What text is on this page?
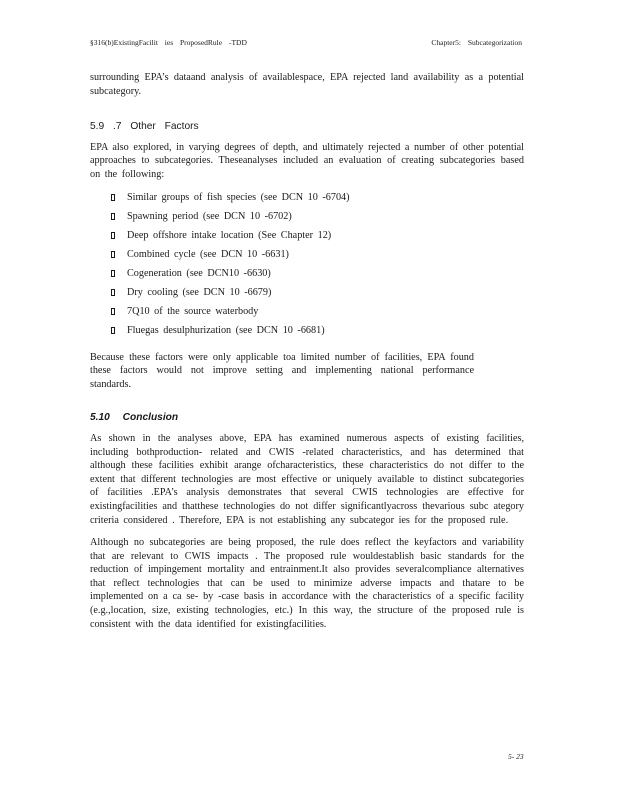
§316(b)ExistingFacilit ies ProposedRule -TDD	Chapter5: Subcategorization

surrounding EPA’s dataand analysis of availablespace, EPA rejected land availability as a potential subcategory.

5.9 .7 Other Factors

EPA also explored, in varying degrees of depth, and ultimately rejected a number of other potential approaches to subcategories. Theseanalyses included an evaluation of creating subcategories based on the following:

Similar groups of fish species (see DCN 10 -6704)
Spawning period (see DCN 10 -6702)
Deep offshore intake location (See Chapter 12)
Combined cycle (see DCN 10 -6631)
Cogeneration (see DCN10 -6630)
Dry cooling (see DCN 10 -6679)
7Q10 of the source waterbody
Fluegas desulphurization (see DCN 10 -6681)

Because these factors were only applicable toa limited number of facilities, EPA found these factors would not improve setting and implementing national performance standards.

5.10 Conclusion

As shown in the analyses above, EPA has examined numerous aspects of existing facilities, including bothproduction- related and CWIS -related characteristics, and has determined that although these facilities exhibit arange ofcharacteristics, these characteristics do not differ to the extent that different technologies are most effective or uniquely available to distinct subcategories of facilities .EPA’s analysis demonstrates that several CWIS technologies are effective for existingfacilities and thatthese technologies do not differ significantlyacross thevarious subc ategory criteria considered . Therefore, EPA is not establishing any subcategor ies for the proposed rule.

Although no subcategories are being proposed, the rule does reflect the keyfactors and variability that are relevant to CWIS impacts . The proposed rule wouldestablish basic standards for the reduction of impingement mortality and entrainment.It also provides severalcompliance alternatives that reflect technologies that can be used to minimize adverse impacts and thatare to be implemented on a ca se- by -case basis in accordance with the characteristics of a specific facility (e.g.,location, size, existing technologies, etc.) In this way, the structure of the proposed rule is consistent with the data identified for existingfacilities.

5- 23
